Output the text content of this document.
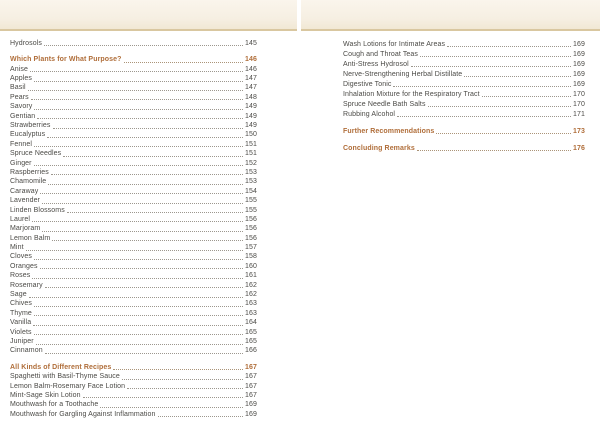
Hydrosols	145
Which Plants for What Purpose?	146
Anise	146
Apples	147
Basil	147
Pears	148
Savory	149
Gentian	149
Strawberries	149
Eucalyptus	150
Fennel	151
Spruce Needles	151
Ginger	152
Raspberries	153
Chamomile	153
Caraway	154
Lavender	155
Linden Blossoms	155
Laurel	156
Marjoram	156
Lemon Balm	156
Mint	157
Cloves	158
Oranges	160
Roses	161
Rosemary	162
Sage	162
Chives	163
Thyme	163
Vanilla	164
Violets	165
Juniper	165
Cinnamon	166
All Kinds of Different Recipes	167
Spaghetti with Basil-Thyme Sauce	167
Lemon Balm-Rosemary Face Lotion	167
Mint-Sage Skin Lotion	167
Mouthwash for a Toothache	169
Mouthwash for Gargling Against Inflammation	169
Wash Lotions for Intimate Areas	169
Cough and Throat Teas	169
Anti-Stress Hydrosol	169
Nerve-Strengthening Herbal Distillate	169
Digestive Tonic	169
Inhalation Mixture for the Respiratory Tract	170
Spruce Needle Bath Salts	170
Rubbing Alcohol	171
Further Recommendations	173
Concluding Remarks	176
